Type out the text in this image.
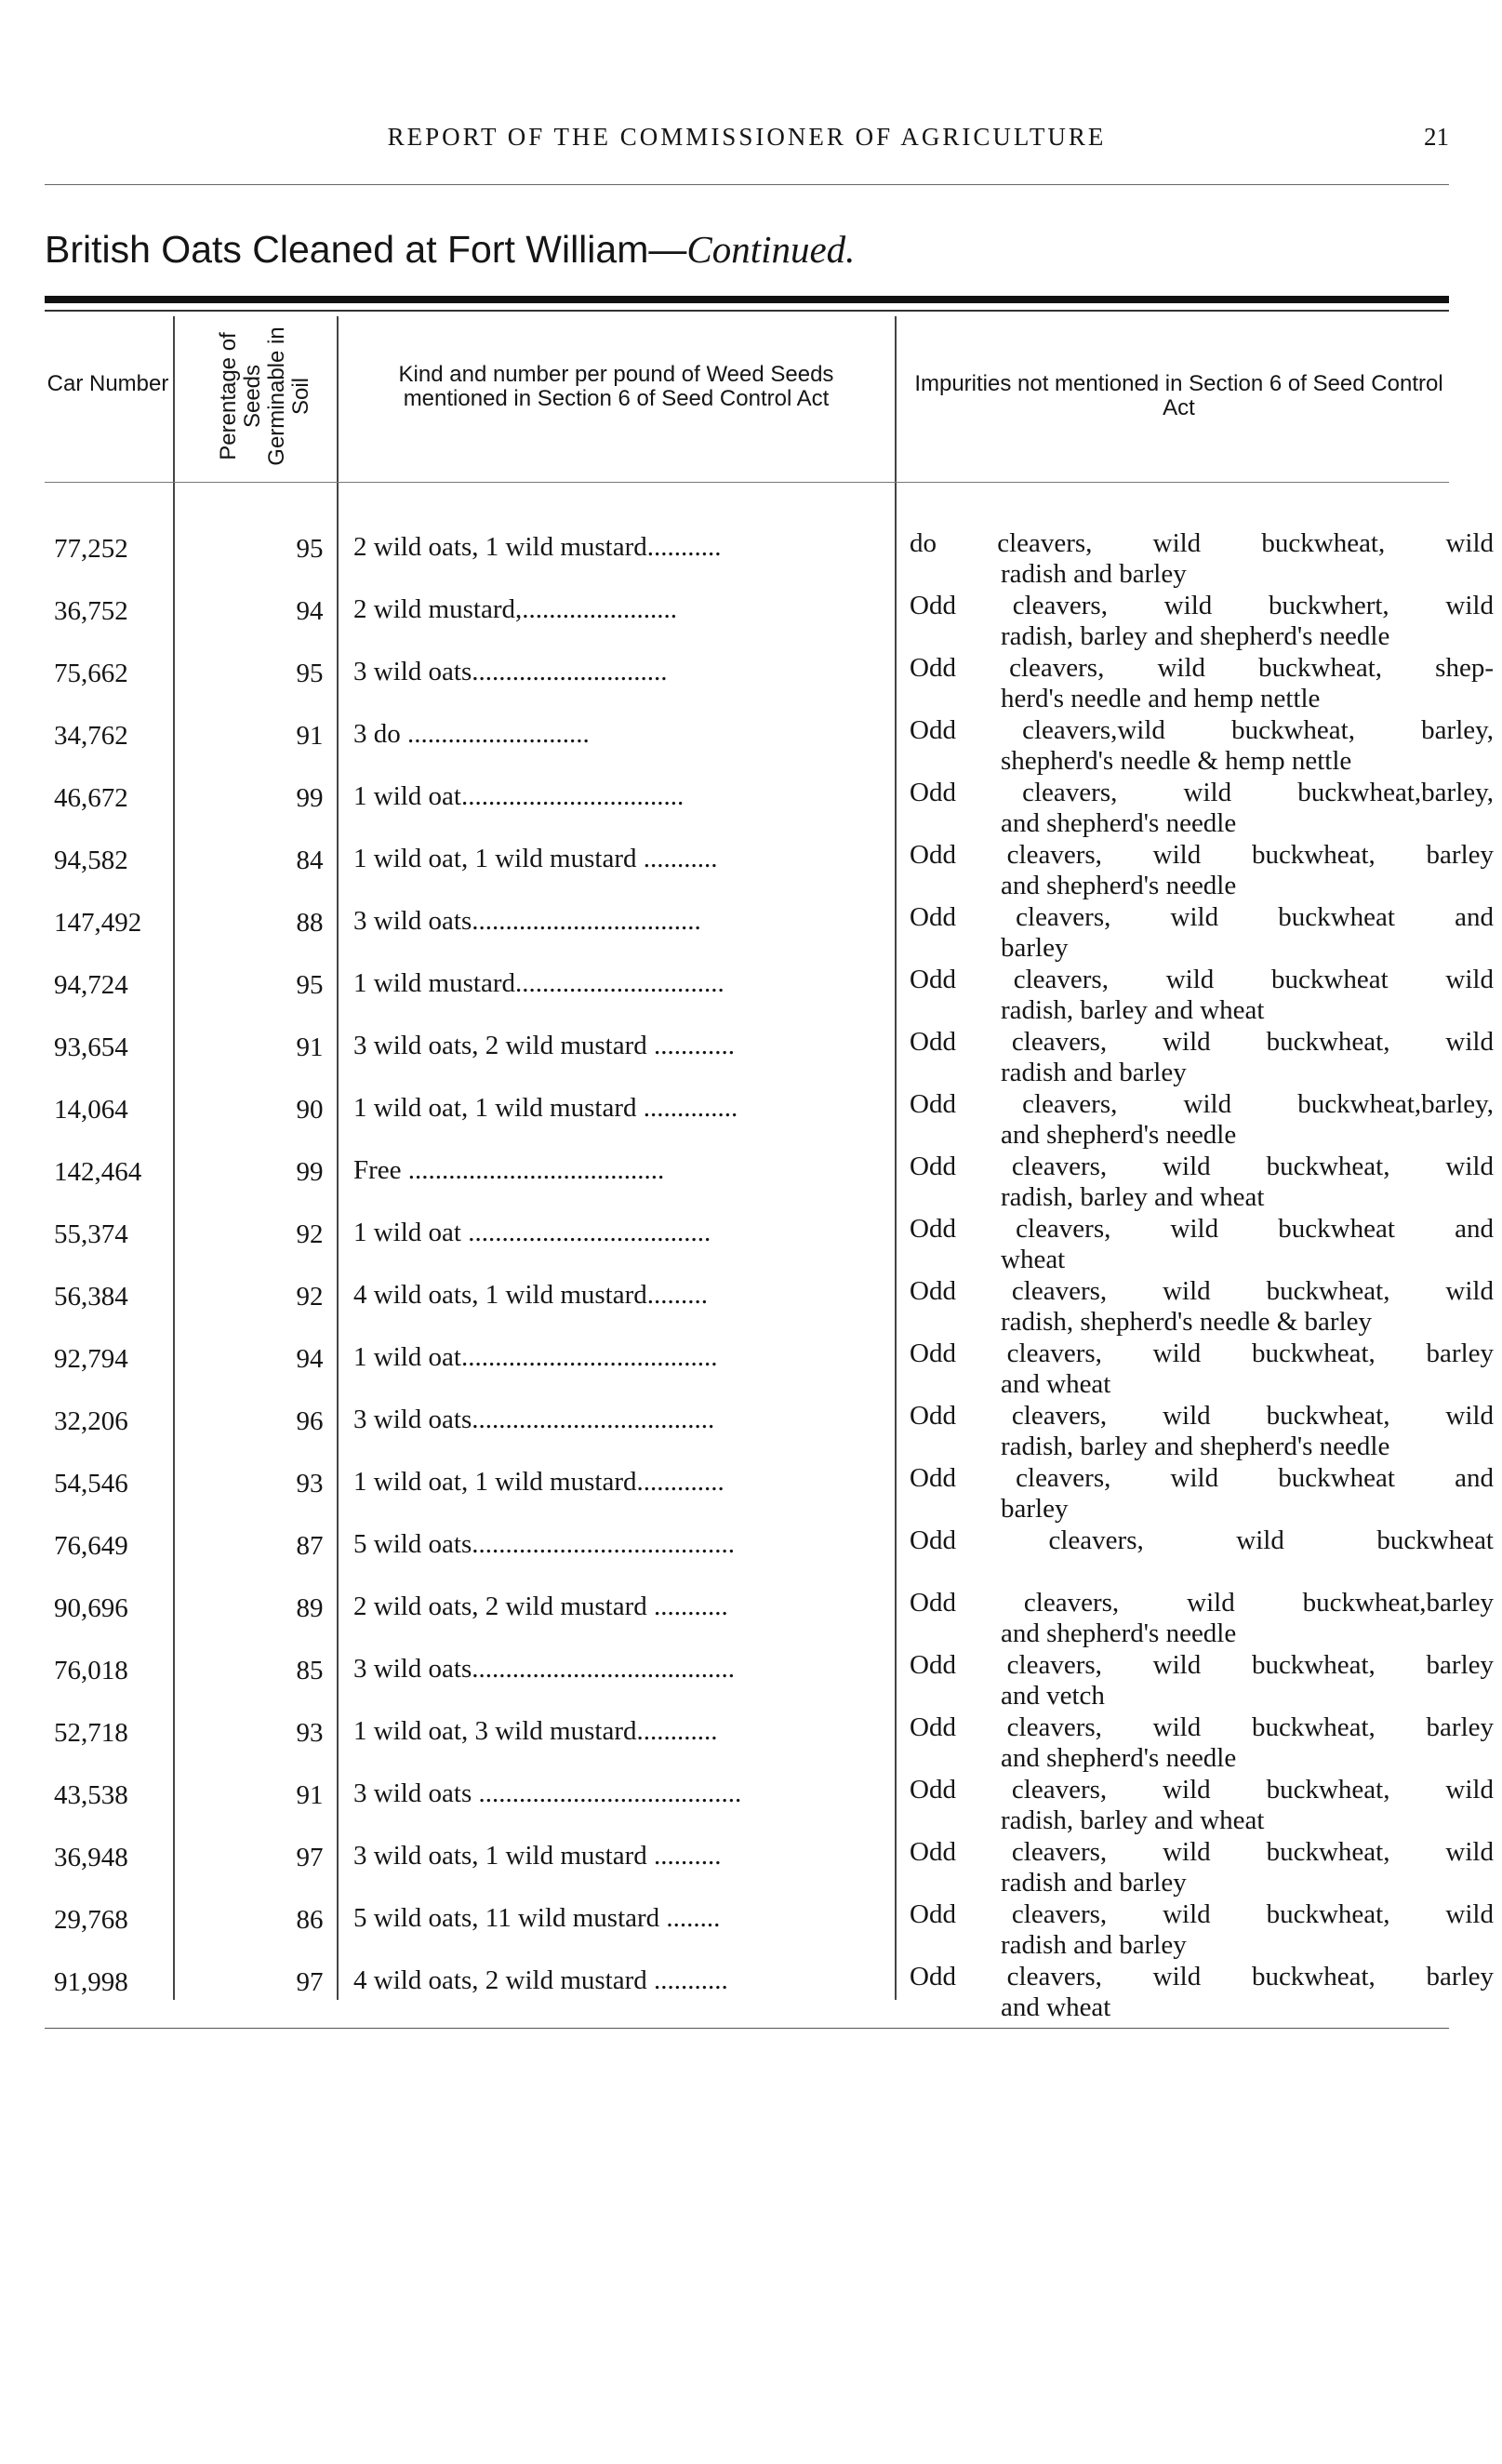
REPORT OF THE COMMISSIONER OF AGRICULTURE	21
British Oats Cleaned at Fort William—Continued.
Car Number Perentage of Seeds Germinable in Soil
Kind and number per pound of Weed Seeds mentioned in Section 6 of Seed Control Act
Impurities not mentioned in Section 6 of Seed Control Act
77,252	95	2 wild oats, 1 wild mustard...........	do cleavers, wild buckwheat, wild
radish and barley
36,752	94	2 wild mustard,.......................	Odd cleavers, wild buckwhert, wild
radish, barley and shepherd's needle
75,662	95	3 wild oats.............................	Odd cleavers, wild buckwheat, shep-
herd's needle and hemp nettle
34,762	91	3 do ...........................	Odd cleavers,wild buckwheat, barley,
shepherd's needle & hemp nettle
46,672	99	1 wild oat.................................	Odd cleavers, wild buckwheat,barley,
and shepherd's needle
94,582	84	1 wild oat, 1 wild mustard ...........	Odd cleavers, wild buckwheat, barley
and shepherd's needle
147,492	88	3 wild oats..................................	Odd cleavers, wild buckwheat and
barley
94,724	95	1 wild mustard...............................	Odd cleavers, wild buckwheat wild
radish, barley and wheat
93,654	91	3 wild oats, 2 wild mustard ............	Odd cleavers, wild buckwheat, wild
radish and barley
14,064	90	1 wild oat, 1 wild mustard ..............	Odd cleavers, wild buckwheat,barley,
and shepherd's needle
142,464	99	Free ......................................	Odd cleavers, wild buckwheat, wild
radish, barley and wheat
55,374	92	1 wild oat ....................................	Odd cleavers, wild buckwheat and
wheat
56,384	92	4 wild oats, 1 wild mustard.........	Odd cleavers, wild buckwheat, wild
radish, shepherd's needle & barley
92,794	94	1 wild oat......................................	Odd cleavers, wild buckwheat, barley
and wheat
32,206	96	3 wild oats....................................	Odd cleavers, wild buckwheat, wild
radish, barley and shepherd's needle
54,546	93	1 wild oat, 1 wild mustard.............	Odd cleavers, wild buckwheat and
barley
76,649	87	5 wild oats.......................................	Odd cleavers, wild buckwheat
90,696	89	2 wild oats, 2 wild mustard ...........	Odd cleavers, wild buckwheat,barley
and shepherd's needle
76,018	85	3 wild oats.......................................	Odd cleavers, wild buckwheat, barley
and vetch
52,718	93	1 wild oat, 3 wild mustard............	Odd cleavers, wild buckwheat, barley
and shepherd's needle
43,538	91	3 wild oats .......................................	Odd cleavers, wild buckwheat, wild
radish, barley and wheat
36,948	97	3 wild oats, 1 wild mustard ..........	Odd cleavers, wild buckwheat, wild
radish and barley
29,768	86	5 wild oats, 11 wild mustard ........	Odd cleavers, wild buckwheat, wild
radish and barley
91,998	97	4 wild oats, 2 wild mustard ...........	Odd cleavers, wild buckwheat, barley
and wheat
